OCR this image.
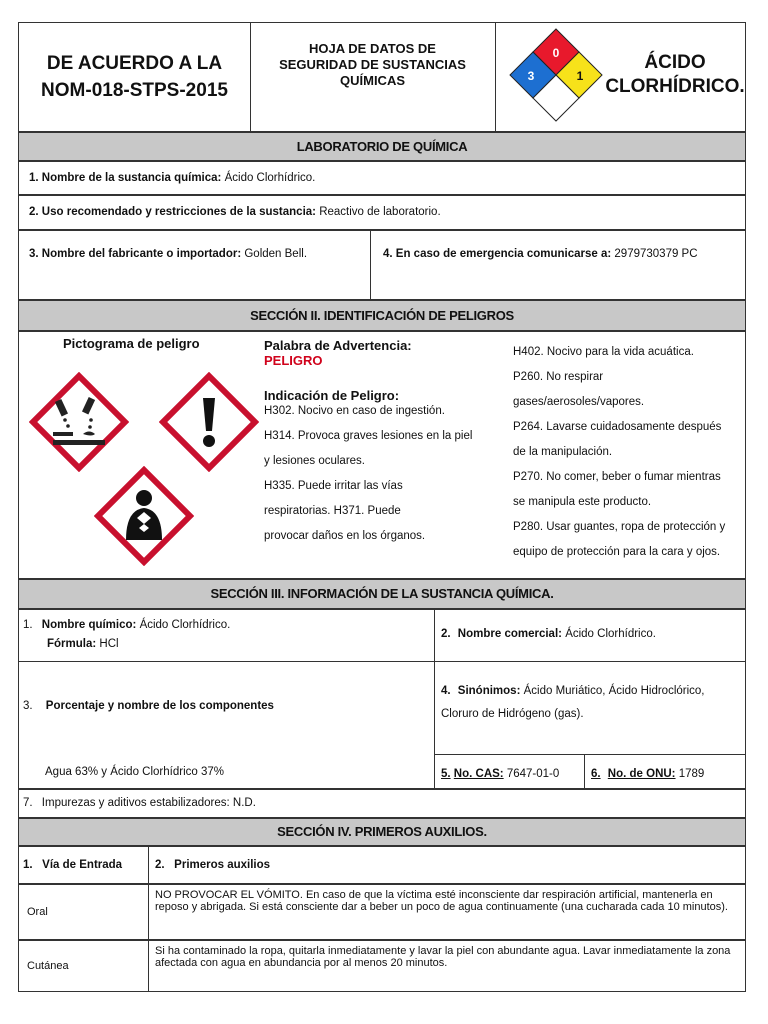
DE ACUERDO A LA NOM-018-STPS-2015
HOJA DE DATOS DE SEGURIDAD DE SUSTANCIAS QUÍMICAS
0
3	1
ÁCIDO CLORHÍDRICO.
LABORATORIO DE QUÍMICA
1. Nombre de la sustancia química: Ácido Clorhídrico.
2. Uso recomendado y restricciones de la sustancia: Reactivo de laboratorio.
3. Nombre del fabricante o importador: Golden Bell.	4. En caso de emergencia comunicarse a: 2979730379 PC
SECCIÓN II. IDENTIFICACIÓN DE PELIGROS
Pictograma de peligro	Palabra de Advertencia:
PELIGRO
Indicación de Peligro:
H302. Nocivo en caso de ingestión.
H314. Provoca graves lesiones en la piel
y lesiones oculares.
H335. Puede irritar las vías
respiratorias. H371. Puede
provocar daños en los órganos.
H402. Nocivo para la vida acuática.
P260. No respirar
gases/aerosoles/vapores.
P264. Lavarse cuidadosamente después
de la manipulación.
P270. No comer, beber o fumar mientras
se manipula este producto.
P280. Usar guantes, ropa de protección y
equipo de protección para la cara y ojos.
SECCIÓN III. INFORMACIÓN DE LA SUSTANCIA QUÍMICA.
1. Nombre químico: Ácido Clorhídrico.
Fórmula: HCl
2. Nombre comercial: Ácido Clorhídrico.
3. Porcentaje y nombre de los componentes
Agua 63% y Ácido Clorhídrico 37%
4. Sinónimos: Ácido Muriático, Ácido Hidroclórico, Cloruro de Hidrógeno (gas).
5. No. CAS: 7647-01-0	6. No. de ONU: 1789
7. Impurezas y aditivos estabilizadores: N.D.
SECCIÓN IV. PRIMEROS AUXILIOS.
1.   Vía de Entrada	2.   Primeros auxilios
Oral
NO PROVOCAR EL VÓMITO. En caso de que la víctima esté inconsciente dar respiración artificial, mantenerla en reposo y abrigada. Si está consciente dar a beber un poco de agua continuamente (una cucharada cada 10 minutos).
Cutánea
Si ha contaminado la ropa, quitarla inmediatamente y lavar la piel con abundante agua. Lavar inmediatamente la zona afectada con agua en abundancia por al menos 20 minutos.
